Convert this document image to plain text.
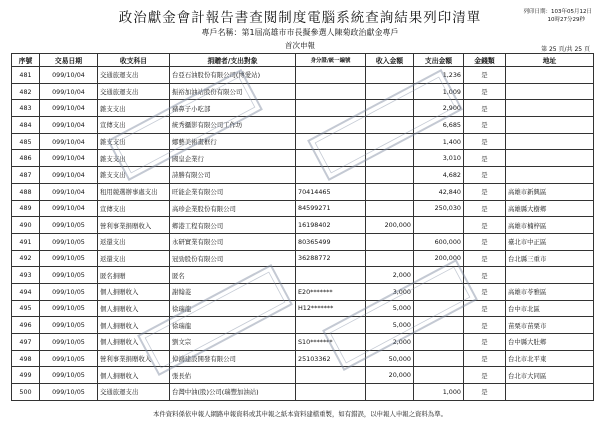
政治獻金會計報告書查閱制度電腦系統查詢結果列印清單
專戶名稱：第1屆高雄市市長擬參選人陳菊政治獻金專戶
首次申報
列印日期：103年05月12日
10時27分29秒
第 25 頁/共 25 頁
序號	交易日期	收支科目	捐贈者/支出對象	身分證/統一編號	收入金額	支出金額	金錢類	地址
481	099/10/04	交通旅運支出	台亞石油股份有限公司(博愛站)			1,236	是	
482	099/10/04	交通旅運支出	振裕加油站股份有限公司			1,009	是	
483	099/10/04	雜支支出	豬鼻子小吃部			2,900	是	
484	099/10/04	宣傳支出	統秀攝影有限公司工作坊			6,685	是	
485	099/10/04	雜支支出	娜藝美術畫框行			1,400	是	
486	099/10/04	雜支支出	國皇企業行			3,010	是	
487	099/10/04	雜支支出	詩勝有限公司			4,682	是	
488	099/10/04	租用競選辦事處支出	旺能企業有限公司	70414465		42,840	是	高雄市新興區
489	099/10/04	宣傳支出	高珍企業股份有限公司	84599271		250,030	是	高雄縣大樹鄉
490	099/10/05	營利事業捐贈收入	鄉港工程有限公司	16198402	200,000		是	高雄市楠梓區
491	099/10/05	返還支出	永研實業有限公司	80365499		600,000	是	臺北市中正區
492	099/10/05	返還支出	冠勁股份有限公司	36288772		200,000	是	台北縣三重市
493	099/10/05	匿名捐贈	匿名		2,000		是	
494	099/10/05	個人捐贈收入	謝翰菱	E20*******	3,000		是	高雄市苓雅區
495	099/10/05	個人捐贈收入	徐瑞龍	H12*******	5,000		是	台中市北區
496	099/10/05	個人捐贈收入	徐瑞龍		5,000		是	苗栗市苗栗市
497	099/10/05	個人捐贈收入	劉文宗	S10*******	2,000		是	台中縣大肚鄉
498	099/10/05	營利事業捐贈收入	倬鴻建設開發有限公司	25103362	50,000		是	台北市北平東
499	099/10/05	個人捐贈收入	張長佑		20,000		是	台北市大同區
500	099/10/05	交通旅運支出	台灣中油(股)公司(瑞豐加油站)			1,000	是	
本件資料係依申報人網路申報資料或其申報之紙本資料建檔重製，如有錯誤，以申報人申報之資料為準。
